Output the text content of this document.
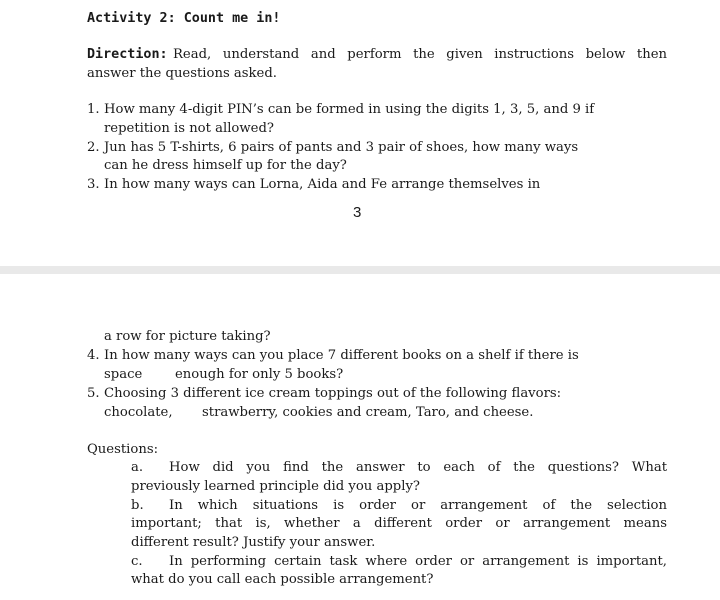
Activity 2: Count me in!
Direction: Read, understand and perform the given instructions below then
answer the questions asked.
1. How many 4-digit PIN’s can be formed in using the digits 1, 3, 5, and 9 if
repetition is not allowed?
2. Jun has 5 T-shirts, 6 pairs of pants and 3 pair of shoes, how many ways
can he dress himself up for the day?
3. In how many ways can Lorna, Aida and Fe arrange themselves in
3
a row for picture taking?
4. In how many ways can you place 7 different books on a shelf if there is
space enough for only 5 books?
5. Choosing 3 different ice cream toppings out of the following flavors:
chocolate, strawberry, cookies and cream, Taro, and cheese.
Questions:
a. How did you find the answer to each of the questions? What
previously learned principle did you apply?
b. In which situations is order or arrangement of the selection
important; that is, whether a different order or arrangement means
different result? Justify your answer.
c. In performing certain task where order or arrangement is important,
what do you call each possible arrangement?
